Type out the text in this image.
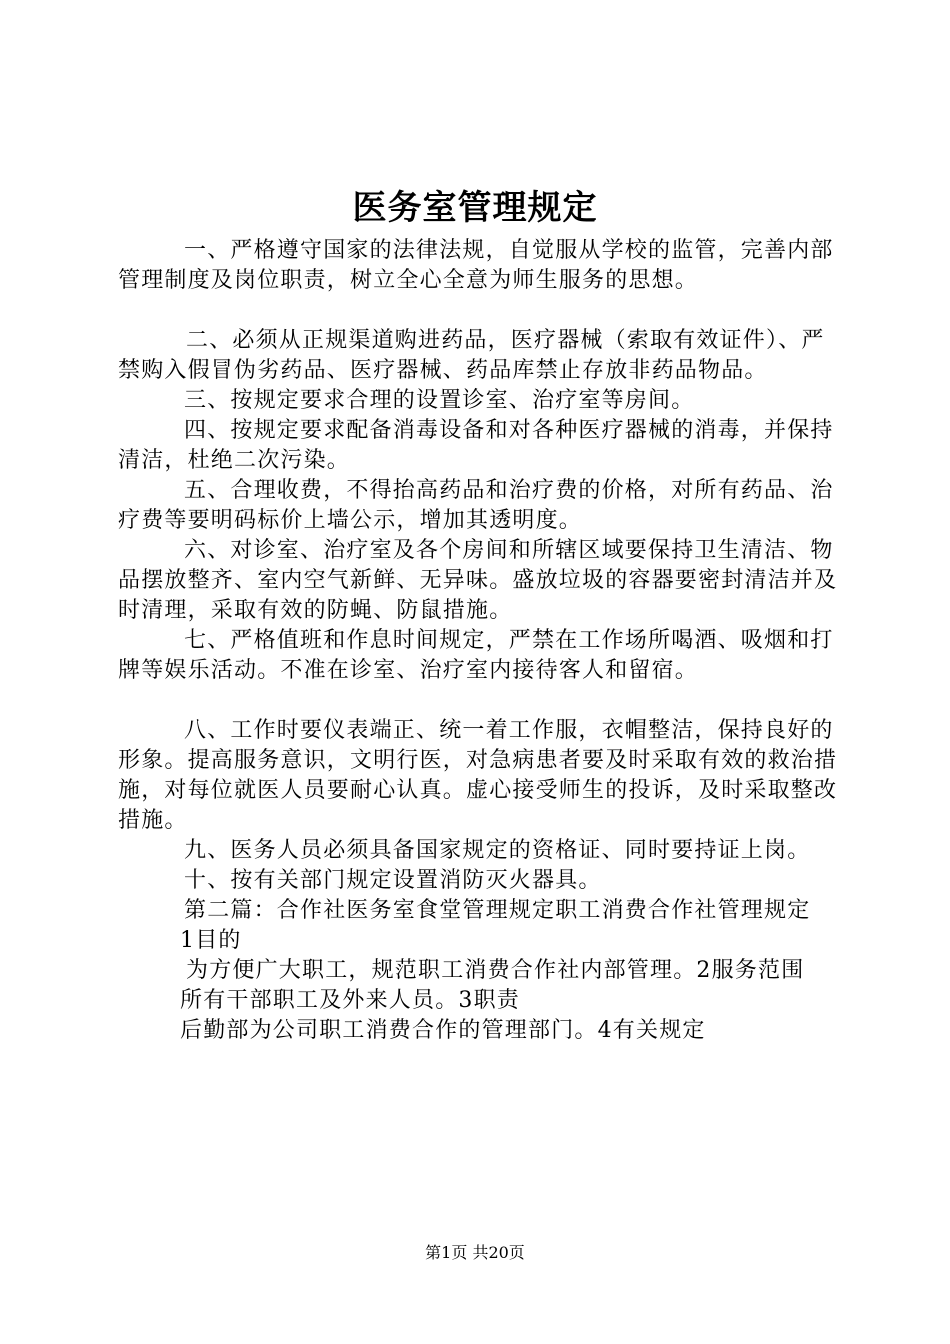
医务室管理规定

一、严格遵守国家的法律法规，自觉服从学校的监管，完善内部管理制度及岗位职责，树立全心全意为师生服务的思想。

二、必须从正规渠道购进药品，医疗器械（索取有效证件）、严禁购入假冒伪劣药品、医疗器械、药品库禁止存放非药品物品。

三、按规定要求合理的设置诊室、治疗室等房间。

四、按规定要求配备消毒设备和对各种医疗器械的消毒，并保持清洁，杜绝二次污染。

五、合理收费，不得抬高药品和治疗费的价格，对所有药品、治疗费等要明码标价上墙公示，增加其透明度。

六、对诊室、治疗室及各个房间和所辖区域要保持卫生清洁、物品摆放整齐、室内空气新鲜、无异味。盛放垃圾的容器要密封清洁并及时清理，采取有效的防蝇、防鼠措施。

七、严格值班和作息时间规定，严禁在工作场所喝酒、吸烟和打牌等娱乐活动。不准在诊室、治疗室内接待客人和留宿。

八、工作时要仪表端正、统一着工作服，衣帽整洁，保持良好的形象。提高服务意识，文明行医，对急病患者要及时采取有效的救治措施，对每位就医人员要耐心认真。虚心接受师生的投诉，及时采取整改措施。

九、医务人员必须具备国家规定的资格证、同时要持证上岗。

十、按有关部门规定设置消防灭火器具。

第二篇：合作社医务室食堂管理规定职工消费合作社管理规定

1目的

为方便广大职工，规范职工消费合作社内部管理。2服务范围

所有干部职工及外来人员。3职责

后勤部为公司职工消费合作的管理部门。4有关规定

第1页 共20页
